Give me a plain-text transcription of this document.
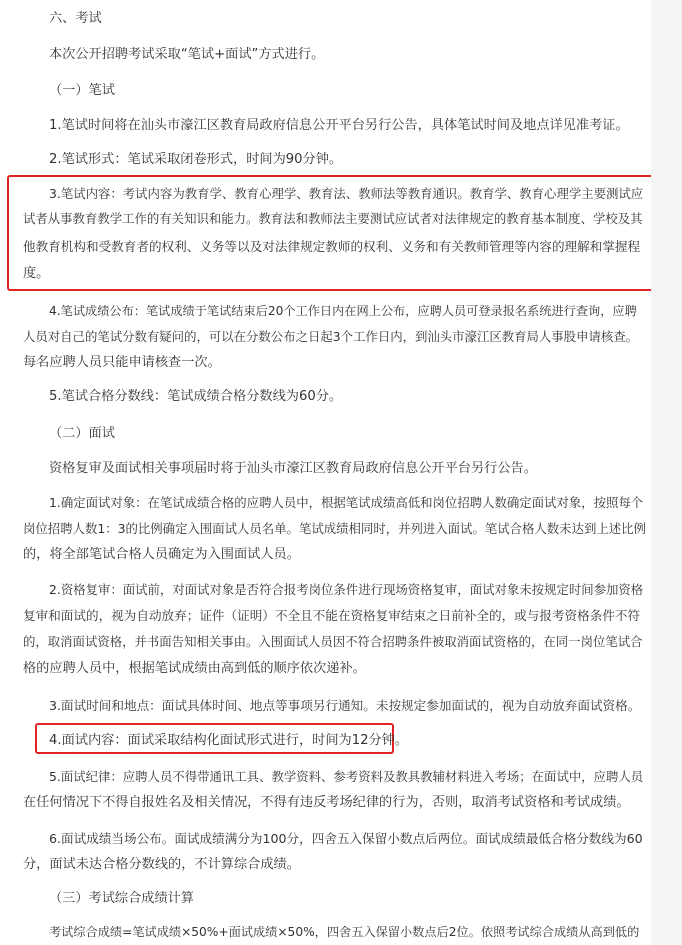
六、考试
本次公开招聘考试采取“笔试+面试”方式进行。
（一）笔试
1.笔试时间将在汕头市濠江区教育局政府信息公开平台另行公告，具体笔试时间及地点详见准考证。
2.笔试形式：笔试采取闭卷形式，时间为90分钟。
3.笔试内容：考试内容为教育学、教育心理学、教育法、教师法等教育通识。教育学、教育心理学主要测试应
试者从事教育教学工作的有关知识和能力。教育法和教师法主要测试应试者对法律规定的教育基本制度、学校及其
他教育机构和受教育者的权利、义务等以及对法律规定教师的权利、义务和有关教师管理等内容的理解和掌握程
度。
4.笔试成绩公布：笔试成绩于笔试结束后20个工作日内在网上公布，应聘人员可登录报名系统进行查询，应聘
人员对自己的笔试分数有疑问的，可以在分数公布之日起3个工作日内，到汕头市濠江区教育局人事股申请核查。
每名应聘人员只能申请核查一次。
5.笔试合格分数线：笔试成绩合格分数线为60分。
（二）面试
资格复审及面试相关事项届时将于汕头市濠江区教育局政府信息公开平台另行公告。
1.确定面试对象：在笔试成绩合格的应聘人员中，根据笔试成绩高低和岗位招聘人数确定面试对象，按照每个
岗位招聘人数1：3的比例确定入围面试人员名单。笔试成绩相同时，并列进入面试。笔试合格人数未达到上述比例
的，将全部笔试合格人员确定为入围面试人员。
2.资格复审：面试前，对面试对象是否符合报考岗位条件进行现场资格复审，面试对象未按规定时间参加资格
复审和面试的，视为自动放弃；证件（证明）不全且不能在资格复审结束之日前补全的，或与报考资格条件不符
的，取消面试资格，并书面告知相关事由。入围面试人员因不符合招聘条件被取消面试资格的，在同一岗位笔试合
格的应聘人员中，根据笔试成绩由高到低的顺序依次递补。
3.面试时间和地点：面试具体时间、地点等事项另行通知。未按规定参加面试的，视为自动放弃面试资格。
4.面试内容：面试采取结构化面试形式进行，时间为12分钟。
5.面试纪律：应聘人员不得带通讯工具、教学资料、参考资料及教具教辅材料进入考场；在面试中，应聘人员
在任何情况下不得自报姓名及相关情况，不得有违反考场纪律的行为，否则，取消考试资格和考试成绩。
6.面试成绩当场公布。面试成绩满分为100分，四舍五入保留小数点后两位。面试成绩最低合格分数线为60
分，面试未达合格分数线的，不计算综合成绩。
（三）考试综合成绩计算
考试综合成绩=笔试成绩×50%+面试成绩×50%，四舍五入保留小数点后2位。依照考试综合成绩从高到低的
